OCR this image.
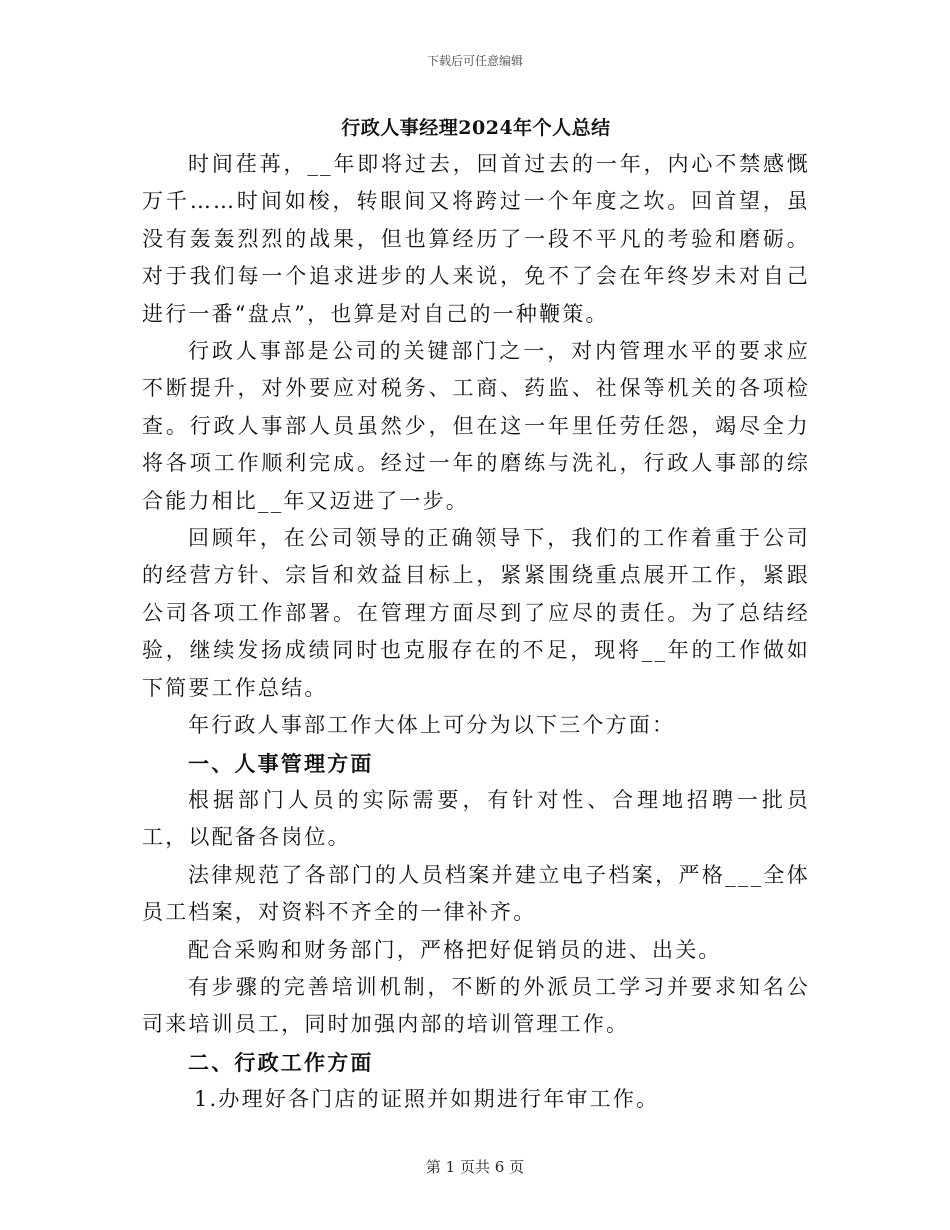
下载后可任意编辑
行政人事经理2024年个人总结

时间荏苒，__年即将过去，回首过去的一年，内心不禁感慨万千……时间如梭，转眼间又将跨过一个年度之坎。回首望，虽没有轰轰烈烈的战果，但也算经历了一段不平凡的考验和磨砺。对于我们每一个追求进步的人来说，免不了会在年终岁未对自己进行一番“盘点”，也算是对自己的一种鞭策。

行政人事部是公司的关键部门之一，对内管理水平的要求应不断提升，对外要应对税务、工商、药监、社保等机关的各项检查。行政人事部人员虽然少，但在这一年里任劳任怨，竭尽全力将各项工作顺利完成。经过一年的磨练与洗礼，行政人事部的综合能力相比__年又迈进了一步。

回顾年，在公司领导的正确领导下，我们的工作着重于公司的经营方针、宗旨和效益目标上，紧紧围绕重点展开工作，紧跟公司各项工作部署。在管理方面尽到了应尽的责任。为了总结经验，继续发扬成绩同时也克服存在的不足，现将__年的工作做如下简要工作总结。

年行政人事部工作大体上可分为以下三个方面：

一、人事管理方面

根据部门人员的实际需要，有针对性、合理地招聘一批员工，以配备各岗位。

法律规范了各部门的人员档案并建立电子档案，严格___全体员工档案，对资料不齐全的一律补齐。

配合采购和财务部门，严格把好促销员的进、出关。

有步骤的完善培训机制，不断的外派员工学习并要求知名公司来培训员工，同时加强内部的培训管理工作。

二、行政工作方面

1.办理好各门店的证照并如期进行年审工作。

第 1 页共 6 页
